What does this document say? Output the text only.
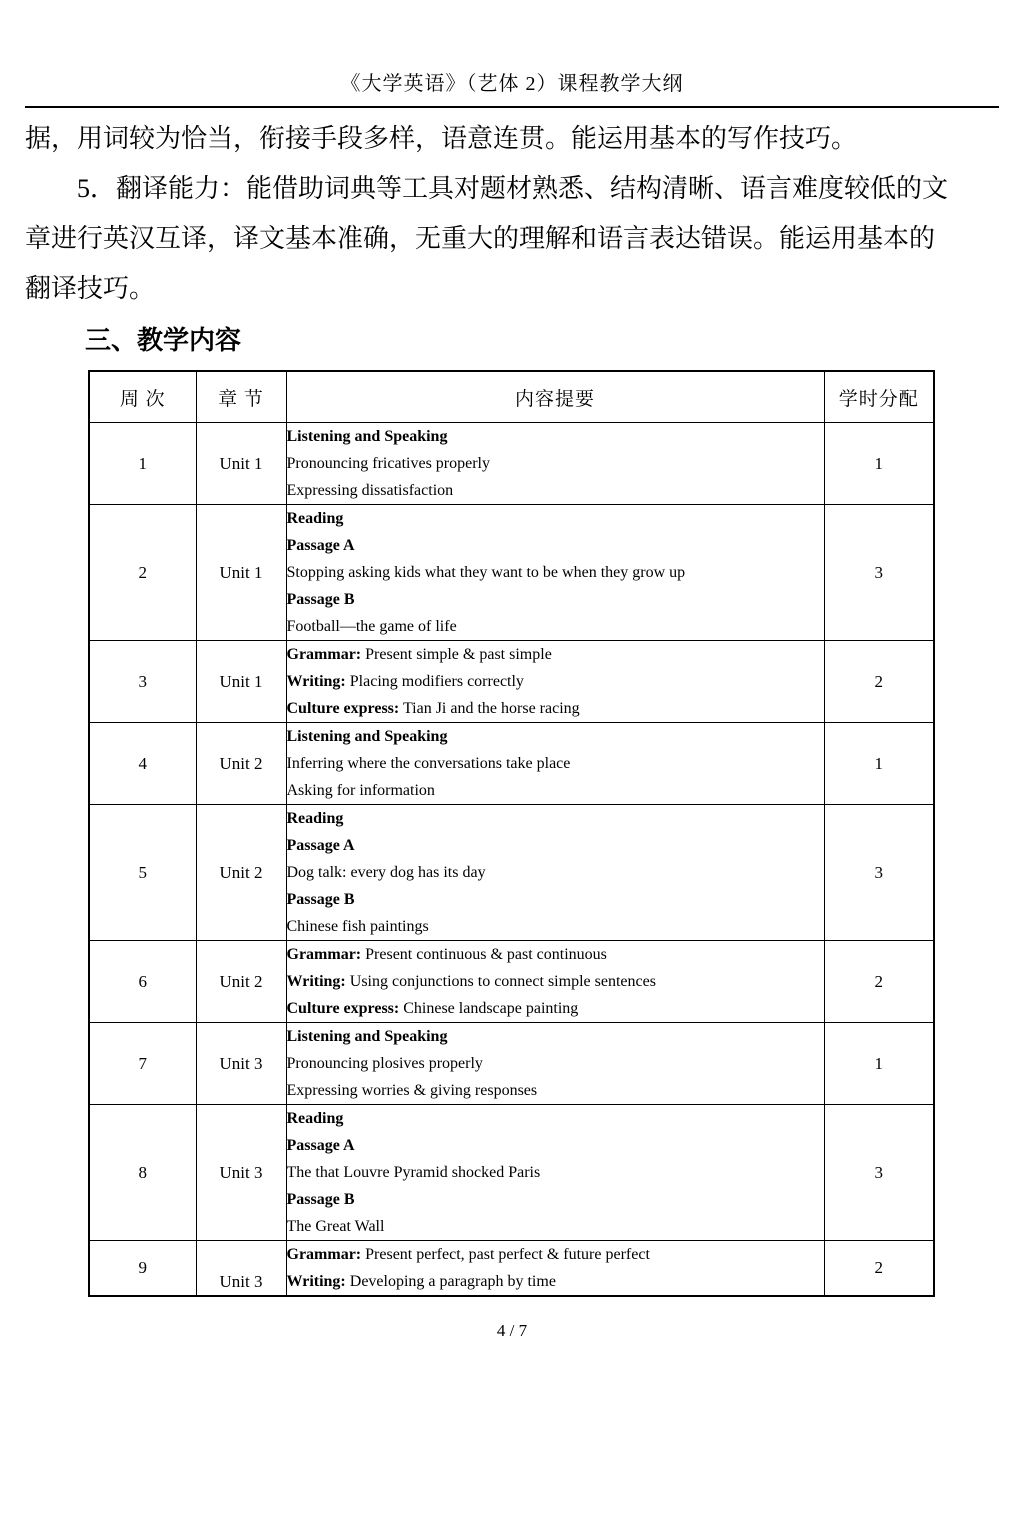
《大学英语》（艺体 2）课程教学大纲
据，用词较为恰当，衔接手段多样，语意连贯。能运用基本的写作技巧。
5．翻译能力：能借助词典等工具对题材熟悉、结构清晰、语言难度较低的文
章进行英汉互译，译文基本准确，无重大的理解和语言表达错误。能运用基本的
翻译技巧。
三、教学内容
周 次	章 节	内容提要	学时分配
1	Unit 1	Listening and Speaking
Pronouncing fricatives properly
Expressing dissatisfaction	1
2	Unit 1	Reading
Passage A
Stopping asking kids what they want to be when they grow up
Passage B
Football—the game of life	3
3	Unit 1	Grammar: Present simple & past simple
Writing: Placing modifiers correctly
Culture express: Tian Ji and the horse racing	2
4	Unit 2	Listening and Speaking
Inferring where the conversations take place
Asking for information	1
5	Unit 2	Reading
Passage A
Dog talk: every dog has its day
Passage B
Chinese fish paintings	3
6	Unit 2	Grammar: Present continuous & past continuous
Writing: Using conjunctions to connect simple sentences
Culture express: Chinese landscape painting	2
7	Unit 3	Listening and Speaking
Pronouncing plosives properly
Expressing worries & giving responses	1
8	Unit 3	Reading
Passage A
The that Louvre Pyramid shocked Paris
Passage B
The Great Wall	3
9	Unit 3	Grammar: Present perfect, past perfect & future perfect
Writing: Developing a paragraph by time	2
4 / 7
